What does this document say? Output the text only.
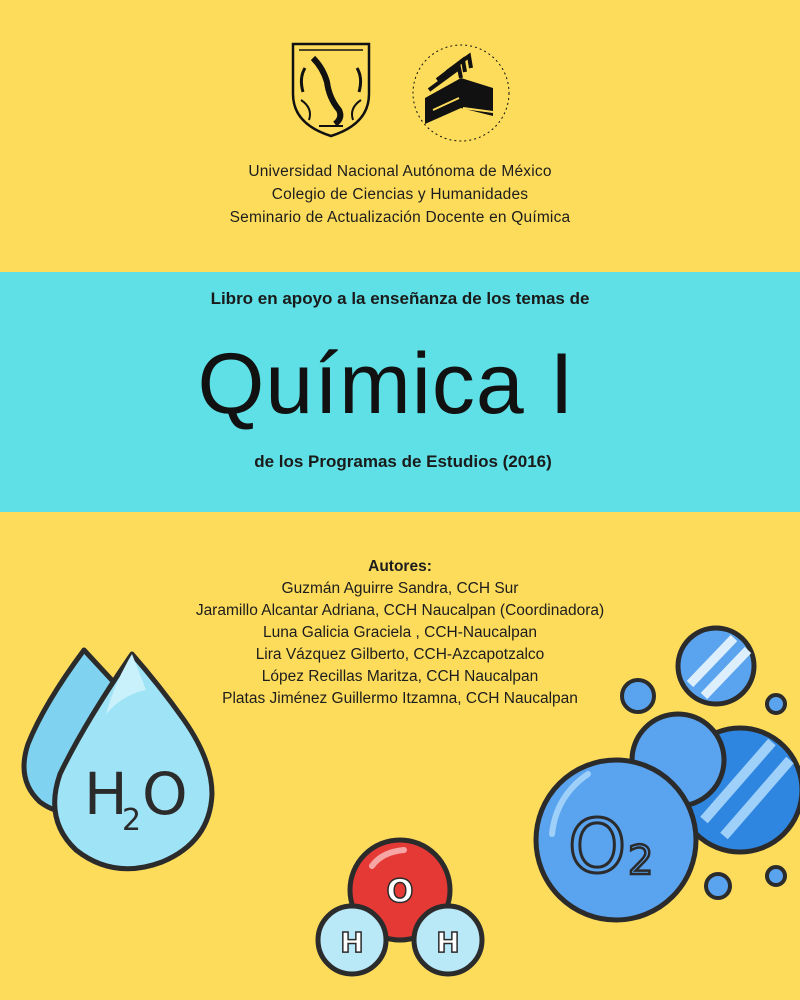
Universidad Nacional Autónoma de México
Colegio de Ciencias y Humanidades
Seminario de Actualización Docente en Química
Libro en apoyo a la enseñanza de los temas de
Química I
de los Programas de Estudios (2016)
Autores:
Guzmán Aguirre Sandra, CCH Sur
Jaramillo Alcantar Adriana, CCH Naucalpan (Coordinadora)
Luna Galicia Graciela , CCH-Naucalpan
Lira Vázquez Gilberto, CCH-Azcapotzalco
López Recillas Maritza, CCH Naucalpan
Platas Jiménez Guillermo Itzamna, CCH Naucalpan
H
2 O
O
H	H
O 2
